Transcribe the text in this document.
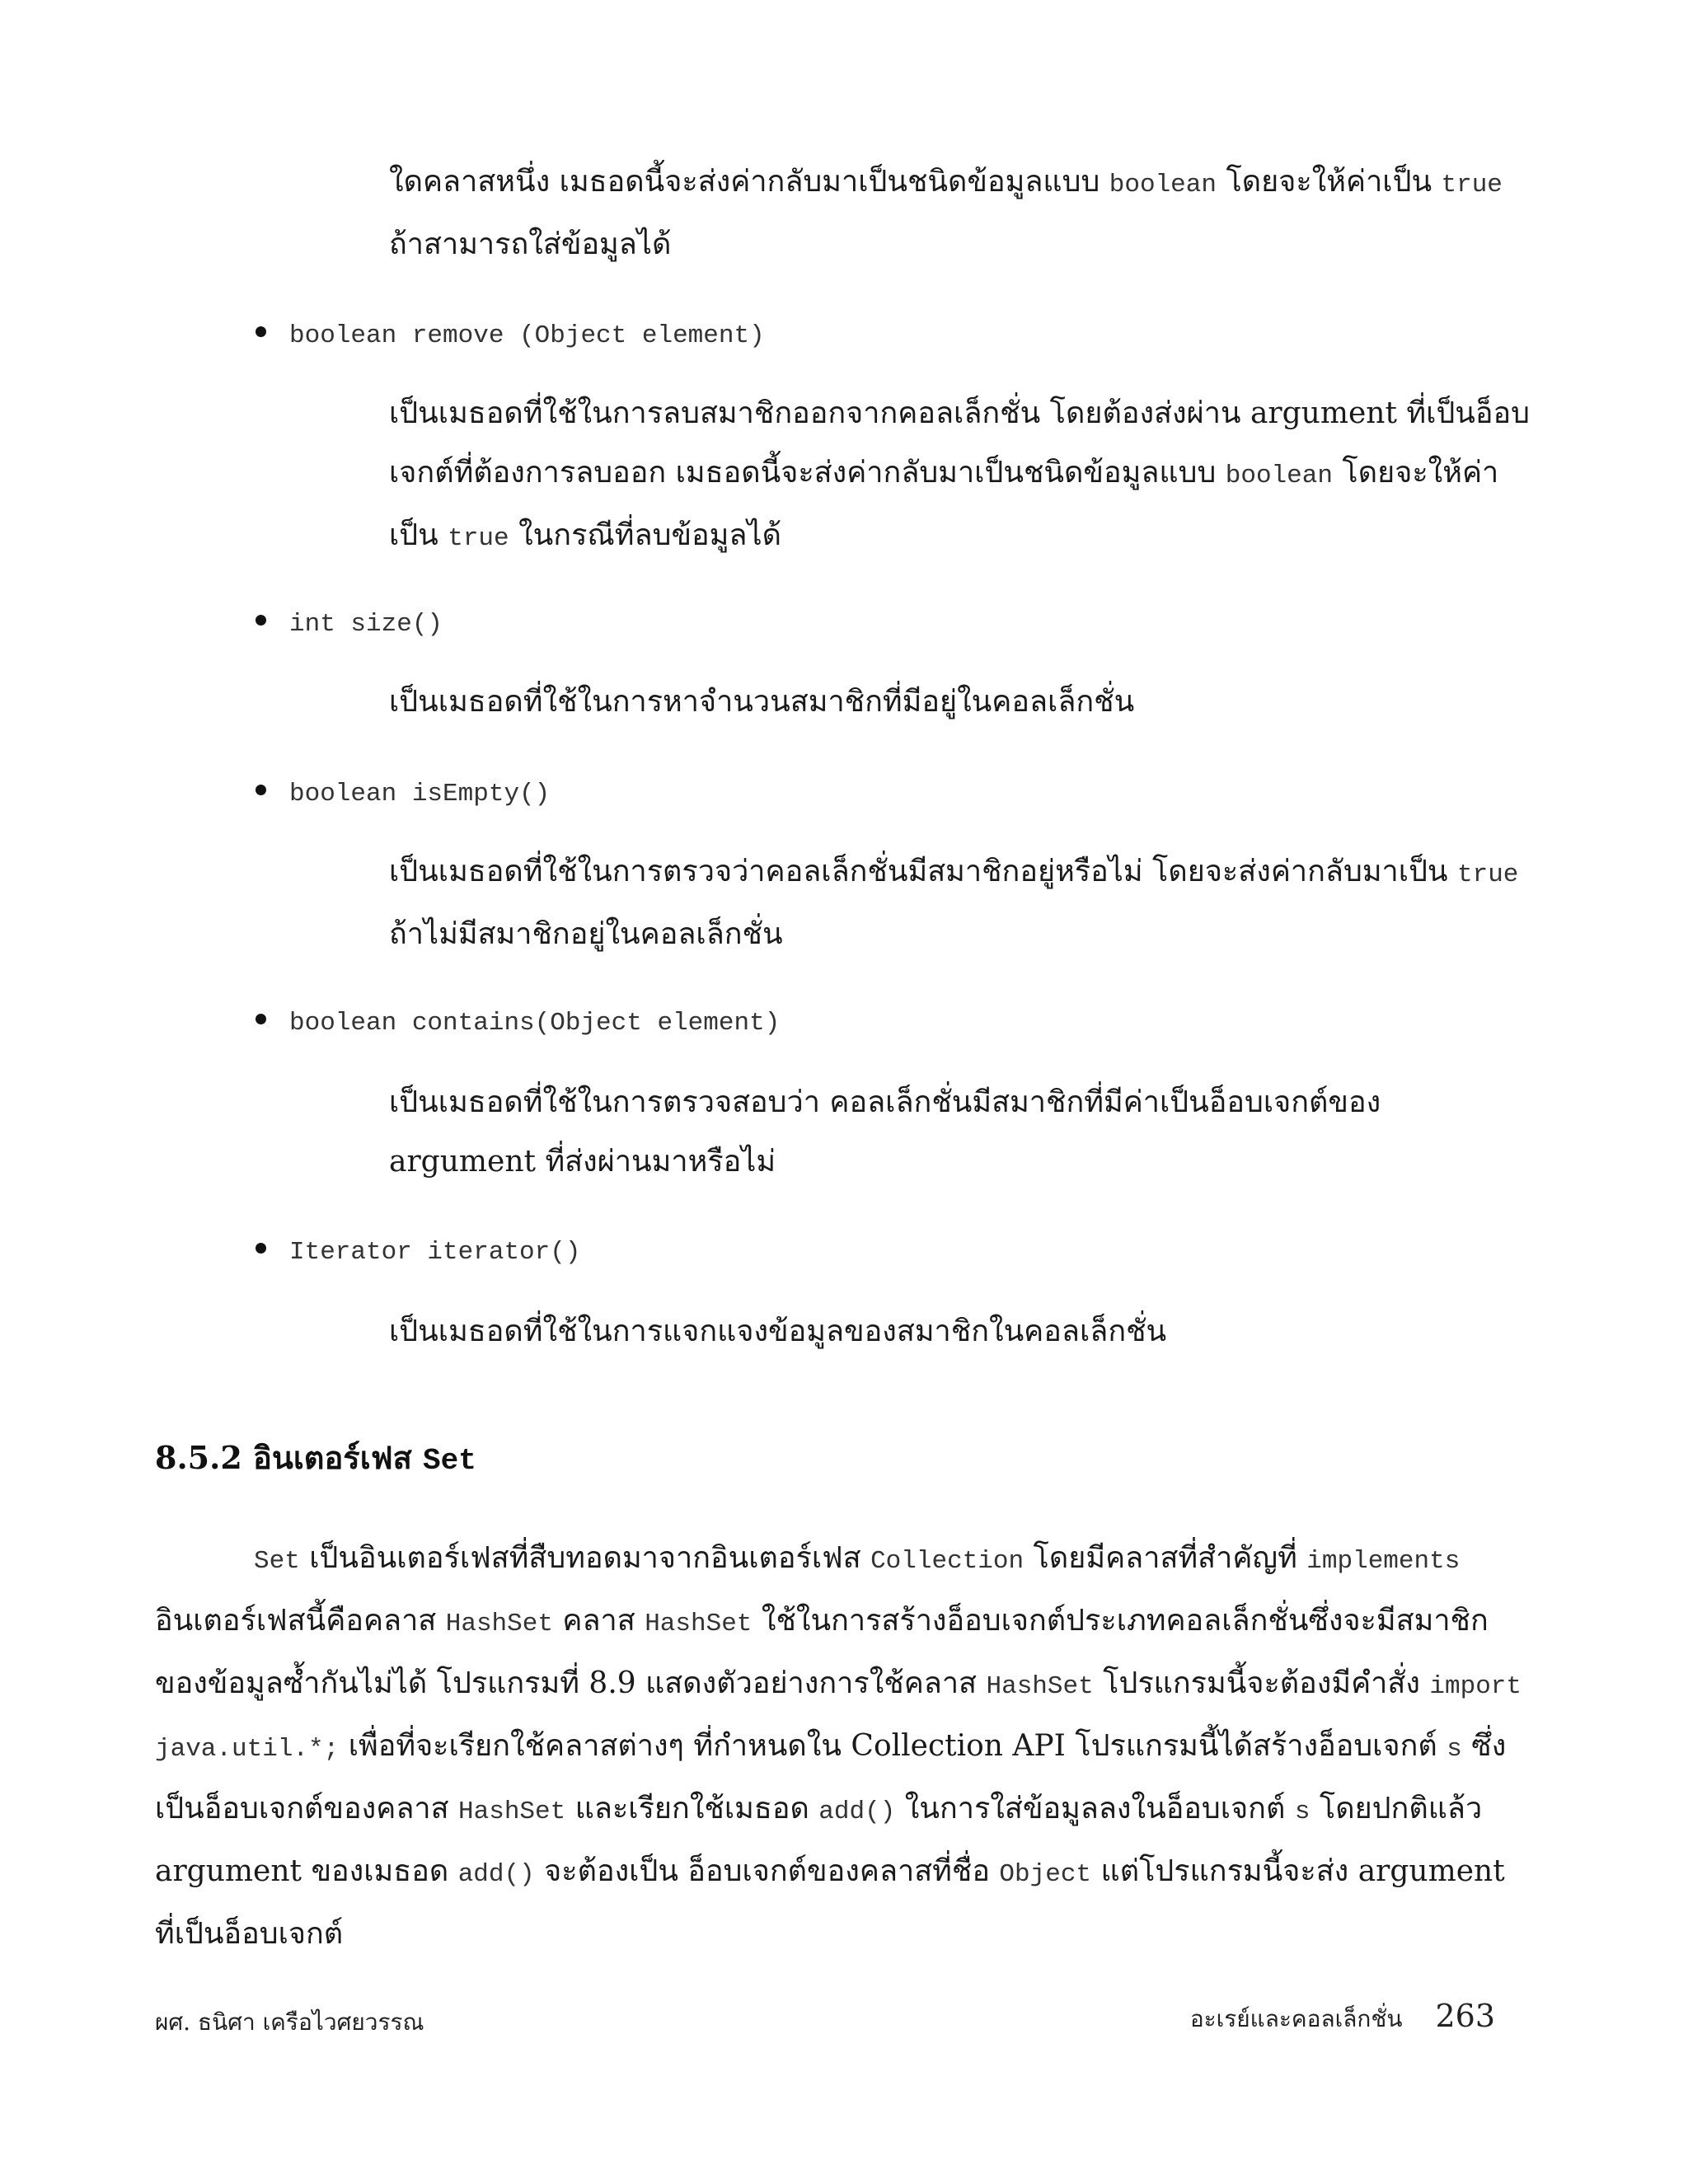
ใดคลาสหนึ่ง เมธอดนี้จะส่งค่ากลับมาเป็นชนิดข้อมูลแบบ boolean โดยจะให้ค่าเป็น true ถ้าสามารถใส่ข้อมูลได้

boolean remove (Object element)

เป็นเมธอดที่ใช้ในการลบสมาชิกออกจากคอลเล็กชั่น โดยต้องส่งผ่าน argument ที่เป็นอ็อบเจกต์ที่ต้องการลบออก เมธอดนี้จะส่งค่ากลับมาเป็นชนิดข้อมูลแบบ boolean โดยจะให้ค่าเป็น true ในกรณีที่ลบข้อมูลได้

int size()

เป็นเมธอดที่ใช้ในการหาจำนวนสมาชิกที่มีอยู่ในคอลเล็กชั่น

boolean isEmpty()

เป็นเมธอดที่ใช้ในการตรวจว่าคอลเล็กชั่นมีสมาชิกอยู่หรือไม่ โดยจะส่งค่ากลับมาเป็น true ถ้าไม่มีสมาชิกอยู่ในคอลเล็กชั่น

boolean contains(Object element)

เป็นเมธอดที่ใช้ในการตรวจสอบว่า คอลเล็กชั่นมีสมาชิกที่มีค่าเป็นอ็อบเจกต์ของ argument ที่ส่งผ่านมาหรือไม่

Iterator iterator()

เป็นเมธอดที่ใช้ในการแจกแจงข้อมูลของสมาชิกในคอลเล็กชั่น

8.5.2 อินเตอร์เฟส Set

Set เป็นอินเตอร์เฟสที่สืบทอดมาจากอินเตอร์เฟส Collection โดยมีคลาสที่สำคัญที่ implements อินเตอร์เฟสนี้คือคลาส HashSet คลาส HashSet ใช้ในการสร้างอ็อบเจกต์ประเภทคอลเล็กชั่นซึ่งจะมีสมาชิกของข้อมูลซ้ำกันไม่ได้ โปรแกรมที่ 8.9 แสดงตัวอย่างการใช้คลาส HashSet โปรแกรมนี้จะต้องมีคำสั่ง import java.util.*; เพื่อที่จะเรียกใช้คลาสต่างๆ ที่กำหนดใน Collection API โปรแกรมนี้ได้สร้างอ็อบเจกต์ s ซึ่งเป็นอ็อบเจกต์ของคลาส HashSet และเรียกใช้เมธอด add() ในการใส่ข้อมูลลงในอ็อบเจกต์ s โดยปกติแล้ว argument ของเมธอด add() จะต้องเป็น อ็อบเจกต์ของคลาสที่ชื่อ Object แต่โปรแกรมนี้จะส่ง argument ที่เป็นอ็อบเจกต์

ผศ. ธนิศา เครือไวศยวรรณ	อะเรย์และคอลเล็กชั่น 263
